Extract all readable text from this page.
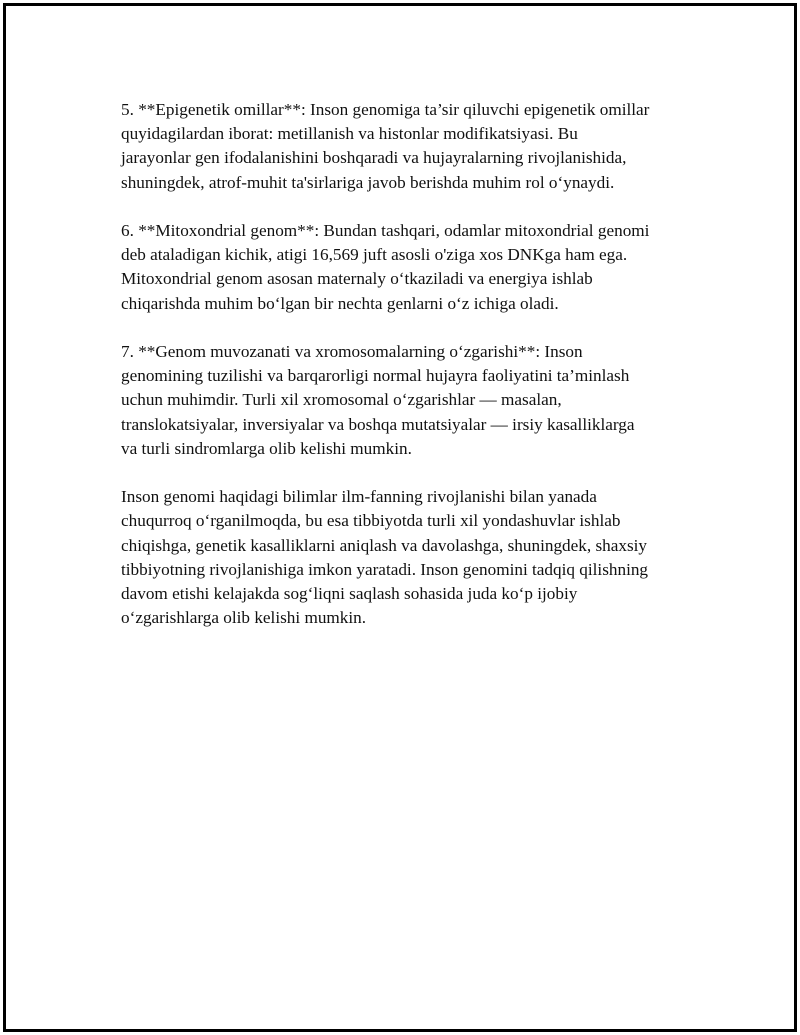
5. **Epigenetik omillar**: Inson genomiga ta’sir qiluvchi epigenetik omillar
quyidagilardan iborat: metillanish va histonlar modifikatsiyasi. Bu
jarayonlar gen ifodalanishini boshqaradi va hujayralarning rivojlanishida,
shuningdek, atrof-muhit ta'sirlariga javob berishda muhim rol o‘ynaydi.

6. **Mitoxondrial genom**: Bundan tashqari, odamlar mitoxondrial genomi
deb ataladigan kichik, atigi 16,569 juft asosli o'ziga xos DNKga ham ega.
Mitoxondrial genom asosan maternaly o‘tkaziladi va energiya ishlab
chiqarishda muhim bo‘lgan bir nechta genlarni o‘z ichiga oladi.

7. **Genom muvozanati va xromosomalarning o‘zgarishi**: Inson
genomining tuzilishi va barqarorligi normal hujayra faoliyatini ta’minlash
uchun muhimdir. Turli xil xromosomal o‘zgarishlar — masalan,
translokatsiyalar, inversiyalar va boshqa mutatsiyalar — irsiy kasalliklarga
va turli sindromlarga olib kelishi mumkin.

Inson genomi haqidagi bilimlar ilm-fanning rivojlanishi bilan yanada
chuqurroq o‘rganilmoqda, bu esa tibbiyotda turli xil yondashuvlar ishlab
chiqishga, genetik kasalliklarni aniqlash va davolashga, shuningdek, shaxsiy
tibbiyotning rivojlanishiga imkon yaratadi. Inson genomini tadqiq qilishning
davom etishi kelajakda sog‘liqni saqlash sohasida juda ko‘p ijobiy
o‘zgarishlarga olib kelishi mumkin.
